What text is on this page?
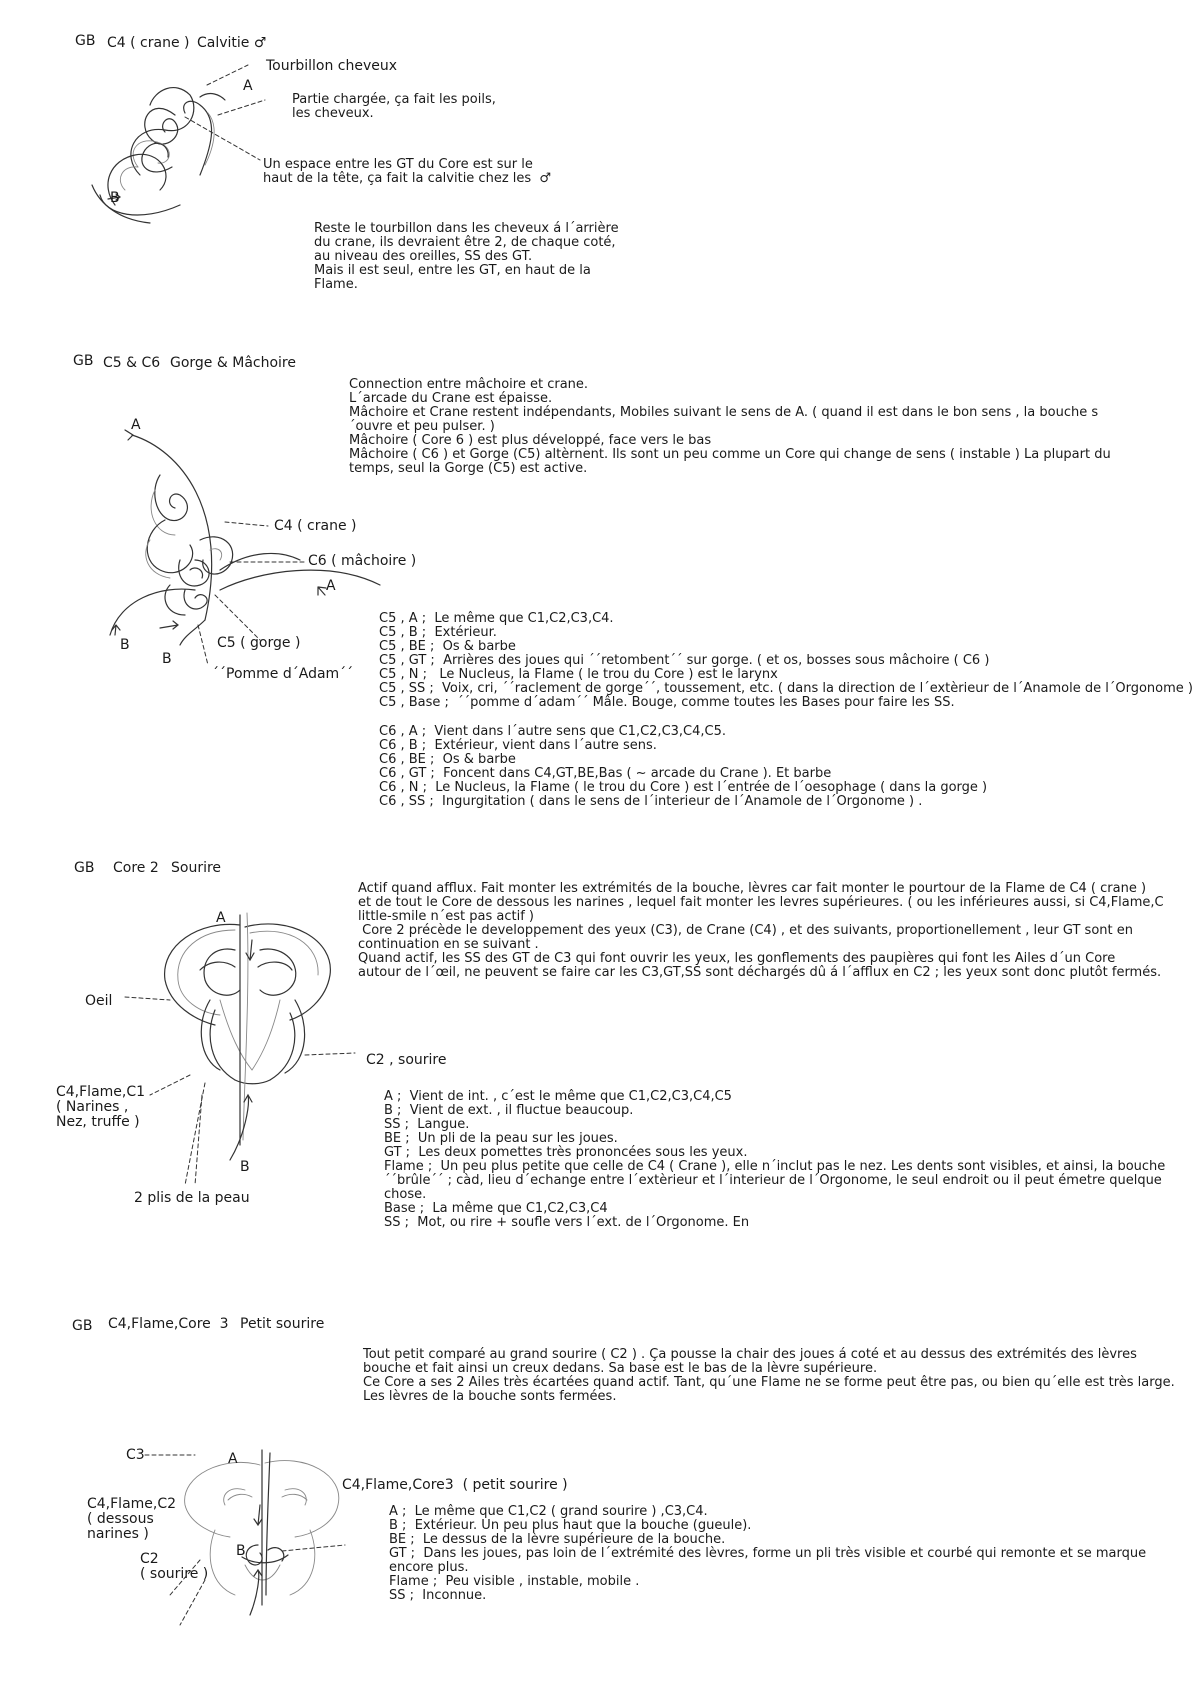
GB C4 ( crane ) Calvitie ♂
Tourbillon cheveux
A
Partie chargée, ça fait les poils,
les cheveux.
Un espace entre les GT du Core est sur le
haut de la tête, ça fait la calvitie chez les  ♂
B
Reste le tourbillon dans les cheveux á l´arrière
du crane, ils devraient être 2, de chaque coté,
au niveau des oreilles, SS des GT.
Mais il est seul, entre les GT, en haut de la
Flame.
GB C5 & C6 Gorge & Mâchoire
Connection entre mâchoire et crane.
L´arcade du Crane est épaisse.
Mâchoire et Crane restent indépendants, Mobiles suivant le sens de A. ( quand il est dans le bon sens , la bouche s
´ouvre et peu pulser. )
Mâchoire ( Core 6 ) est plus développé, face vers le bas
Mâchoire ( C6 ) et Gorge (C5) altèrnent. Ils sont un peu comme un Core qui change de sens ( instable ) La plupart du
temps, seul la Gorge (C5) est active.
A
C4 ( crane )
C6 ( mâchoire )
A
C5 ( gorge )
B
B
´´Pomme d´Adam´´
C5 , A ;  Le même que C1,C2,C3,C4.
C5 , B ;  Extérieur.
C5 , BE ;  Os & barbe
C5 , GT ;  Arrières des joues qui ´´retombent´´ sur gorge. ( et os, bosses sous mâchoire ( C6 )
C5 , N ;   Le Nucleus, la Flame ( le trou du Core ) est le larynx
C5 , SS ;  Voix, cri, ´´raclement de gorge´´, toussement, etc. ( dans la direction de l´extèrieur de l´Anamole de l´Orgonome )
C5 , Base ;  ´´pomme d´adam´´ Mâle. Bouge, comme toutes les Bases pour faire les SS.
C6 , A ;  Vient dans l´autre sens que C1,C2,C3,C4,C5.
C6 , B ;  Extérieur, vient dans l´autre sens.
C6 , BE ;  Os & barbe
C6 , GT ;  Foncent dans C4,GT,BE,Bas ( ~ arcade du Crane ). Et barbe
C6 , N ;  Le Nucleus, la Flame ( le trou du Core ) est l´entrée de l´oesophage ( dans la gorge )
C6 , SS ;  Ingurgitation ( dans le sens de l´interieur de l´Anamole de l´Orgonome ) .
GB Core 2 Sourire
Actif quand afflux. Fait monter les extrémités de la bouche, lèvres car fait monter le pourtour de la Flame de C4 ( crane )
et de tout le Core de dessous les narines , lequel fait monter les levres supérieures. ( ou les inférieures aussi, si C4,Flame,C
little-smile n´est pas actif )
Core 2 précède le developpement des yeux (C3), de Crane (C4) , et des suivants, proportionellement , leur GT sont en
continuation en se suivant .
Quand actif, les SS des GT de C3 qui font ouvrir les yeux, les gonflements des paupières qui font les Ailes d´un Core
autour de l´œil, ne peuvent se faire car les C3,GT,SS sont déchargés dû á l´afflux en C2 ; les yeux sont donc plutôt fermés.
A
Oeil
C2 , sourire
C4,Flame,C1
( Narines ,
Nez, truffe )
B
2 plis de la peau
A ;  Vient de int. , c´est le même que C1,C2,C3,C4,C5
B ;  Vient de ext. , il fluctue beaucoup.
SS ;  Langue.
BE ;  Un pli de la peau sur les joues.
GT ;  Les deux pomettes très prononcées sous les yeux.
Flame ;  Un peu plus petite que celle de C4 ( Crane ), elle n´inclut pas le nez. Les dents sont visibles, et ainsi, la bouche
´´brûle´´ ; càd, lieu d´echange entre l´extèrieur et l´interieur de l´Orgonome, le seul endroit ou il peut émetre quelque
chose.
Base ;  La même que C1,C2,C3,C4
SS ;  Mot, ou rire + soufle vers l´ext. de l´Orgonome. En
GB C4,Flame,Core  3 Petit sourire
Tout petit comparé au grand sourire ( C2 ) . Ça pousse la chair des joues á coté et au dessus des extrémités des lèvres
bouche et fait ainsi un creux dedans. Sa base est le bas de la lèvre supérieure.
Ce Core a ses 2 Ailes très écartées quand actif. Tant, qu´une Flame ne se forme peut être pas, ou bien qu´elle est très large.
Les lèvres de la bouche sonts fermées.
C3	A
C4,Flame,Core3  ( petit sourire )
C4,Flame,C2
( dessous
narines )
B
C2
( sourire )
A ;  Le même que C1,C2 ( grand sourire ) ,C3,C4.
B ;  Extérieur. Un peu plus haut que la bouche (gueule).
BE ;  Le dessus de la lèvre supérieure de la bouche.
GT ;  Dans les joues, pas loin de l´extrémité des lèvres, forme un pli très visible et courbé qui remonte et se marque
encore plus.
Flame ;  Peu visible , instable, mobile .
SS ;  Inconnue.
